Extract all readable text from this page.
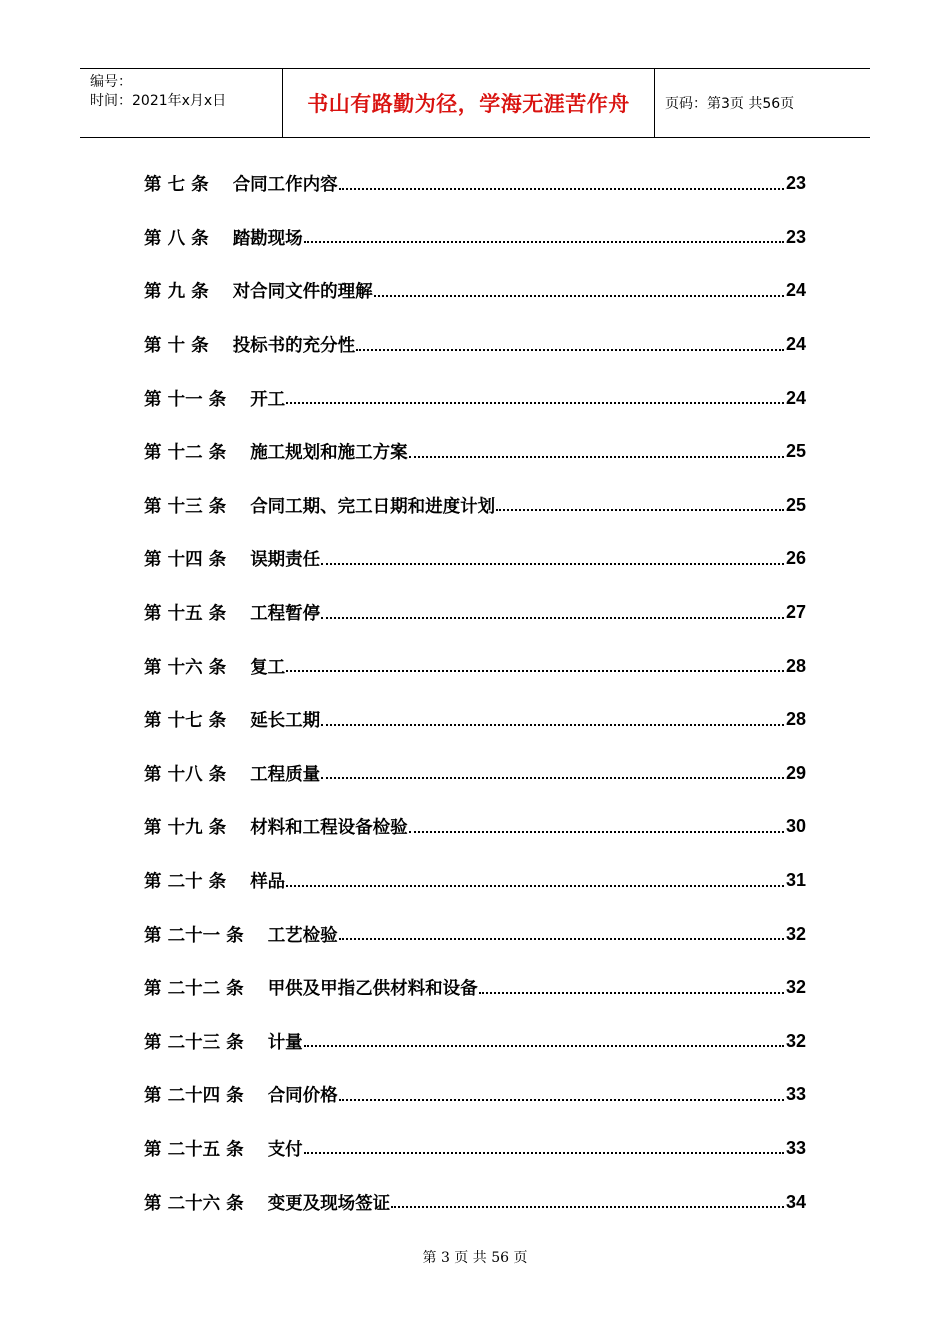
编号：
时间：2021年x月x日	书山有路勤为径，学海无涯苦作舟	页码：第3页 共56页
第 七 条 合同工作内容	23
第 八 条 踏勘现场	23
第 九 条 对合同文件的理解	24
第 十 条 投标书的充分性	24
第 十一 条 开工	24
第 十二 条 施工规划和施工方案	25
第 十三 条 合同工期、完工日期和进度计划	25
第 十四 条 误期责任	26
第 十五 条 工程暂停	27
第 十六 条 复工	28
第 十七 条 延长工期	28
第 十八 条 工程质量	29
第 十九 条 材料和工程设备检验	30
第 二十 条 样品	31
第 二十一 条 工艺检验	32
第 二十二 条 甲供及甲指乙供材料和设备	32
第 二十三 条 计量	32
第 二十四 条 合同价格	33
第 二十五 条 支付	33
第 二十六 条 变更及现场签证	34
第 3 页 共 56 页
